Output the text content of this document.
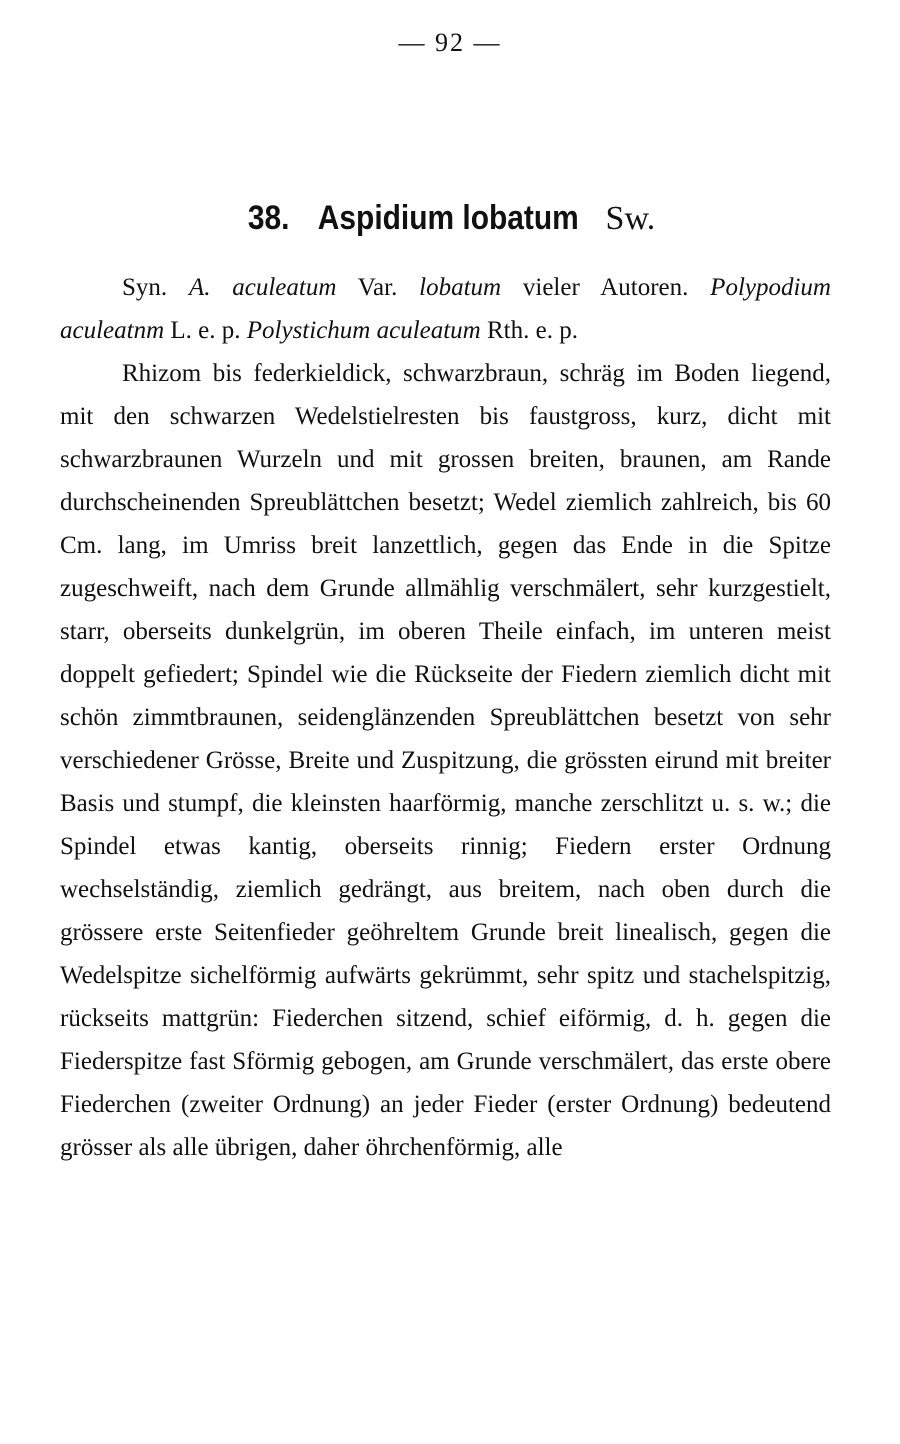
— 92 —
38. Aspidium lobatum Sw.

Syn. A. aculeatum Var. lobatum vieler Autoren. Polypodium aculeatnm L. e. p. Polystichum aculeatum Rth. e. p.

Rhizom bis federkieldick, schwarzbraun, schräg im Boden liegend, mit den schwarzen Wedelstielresten bis faustgross, kurz, dicht mit schwarzbraunen Wurzeln und mit grossen breiten, braunen, am Rande durchscheinenden Spreublättchen besetzt; Wedel ziemlich zahlreich, bis 60 Cm. lang, im Umriss breit lanzettlich, gegen das Ende in die Spitze zugeschweift, nach dem Grunde allmählig verschmälert, sehr kurzgestielt, starr, oberseits dunkelgrün, im oberen Theile einfach, im unteren meist doppelt gefiedert; Spindel wie die Rückseite der Fiedern ziemlich dicht mit schön zimmtbraunen, seidenglänzenden Spreublättchen besetzt von sehr verschiedener Grösse, Breite und Zuspitzung, die grössten eirund mit breiter Basis und stumpf, die kleinsten haarförmig, manche zerschlitzt u. s. w.; die Spindel etwas kantig, oberseits rinnig; Fiedern erster Ordnung wechselständig, ziemlich gedrängt, aus breitem, nach oben durch die grössere erste Seitenfieder geöhreltem Grunde breit linealisch, gegen die Wedelspitze sichelförmig aufwärts gekrümmt, sehr spitz und stachelspitzig, rückseits mattgrün: Fiederchen sitzend, schief eiförmig, d. h. gegen die Fiederspitze fast Sförmig gebogen, am Grunde verschmälert, das erste obere Fiederchen (zweiter Ordnung) an jeder Fieder (erster Ordnung) bedeutend grösser als alle übrigen, daher öhrchenförmig, alle
